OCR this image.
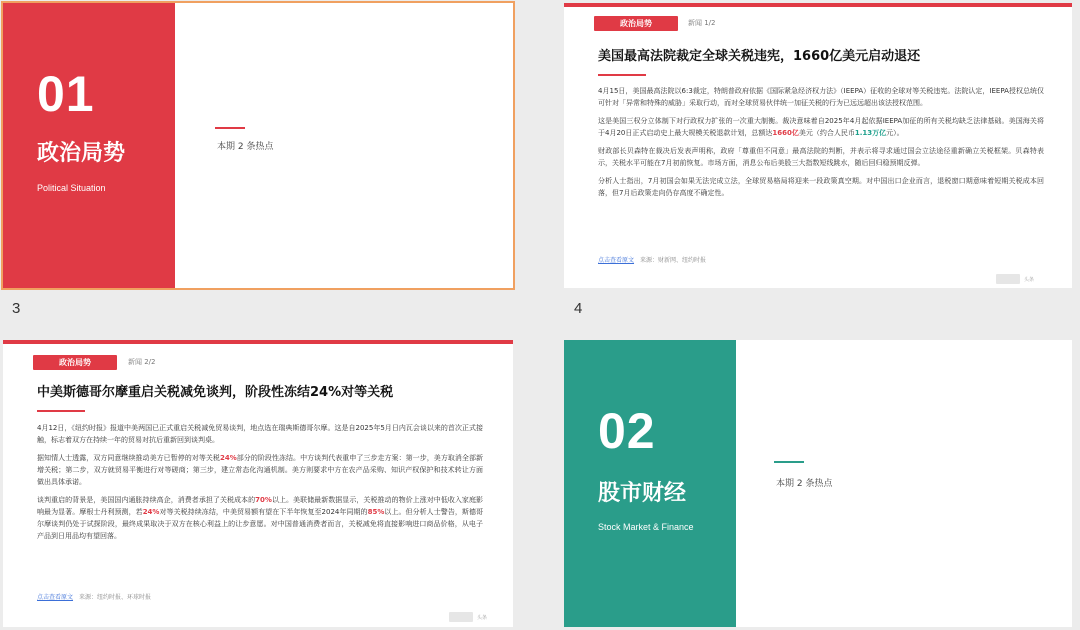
01
政治局势
Political Situation
本期 2 条热点
3
政治局势	新闻 1/2
美国最高法院裁定全球关税违宪，1660亿美元启动退还

4月15日，美国最高法院以6:3裁定，特朗普政府依据《国际紧急经济权力法》（IEEPA）征收的全球对等关税违宪。法院认定，IEEPA授权总统仅可针对「异常和特殊的威胁」采取行动，而对全球贸易伙伴统一加征关税的行为已远远超出该法授权范围。

这是美国三权分立体制下对行政权力扩张的一次重大制衡。裁决意味着自2025年4月起依据IEEPA加征的所有关税均缺乏法律基础。美国海关将于4月20日正式启动史上最大规模关税退款计划，总额达1660亿美元（约合人民币1.13万亿元）。

财政部长贝森特在裁决后发表声明称，政府「尊重但不同意」最高法院的判断，并表示将寻求通过国会立法途径重新确立关税框架。贝森特表示，关税水平可能在7月初前恢复。市场方面，消息公布后美股三大指数短线跳水，随后回归稳预期反弹。

分析人士指出，7月初国会如果无法完成立法，全球贸易格局将迎来一段政策真空期。对中国出口企业而言，退税窗口期意味着短期关税成本回落，但7月后政策走向仍存高度不确定性。

点击查看原文 来源：财新网、纽约时报
头条
4
政治局势	新闻 2/2
中美斯德哥尔摩重启关税减免谈判，阶段性冻结24%对等关税

4月12日，《纽约时报》报道中美两国已正式重启关税减免贸易谈判，地点选在瑞典斯德哥尔摩。这是自2025年5月日内瓦会谈以来的首次正式接触，标志着双方在持续一年的贸易对抗后重新回到谈判桌。

据知情人士透露，双方同意继续推动美方已暂停的对等关税24%部分的阶段性冻结。中方谈判代表重申了三步走方案：第一步，美方取消全部新增关税；第二步，双方就贸易平衡进行对等磋商；第三步，建立常态化沟通机制。美方则要求中方在农产品采购、知识产权保护和技术转让方面做出具体承诺。

谈判重启的背景是，美国国内通胀持续高企，消费者承担了关税成本的70%以上。美联储最新数据显示，关税推动的物价上涨对中低收入家庭影响最为显著。摩根士丹利预测，若24%对等关税持续冻结，中美贸易额有望在下半年恢复至2024年同期的85%以上。但分析人士警告，斯德哥尔摩谈判仍处于试探阶段，最终成果取决于双方在核心利益上的让步意愿。对中国普通消费者而言，关税减免将直接影响进口商品价格，从电子产品到日用品均有望回落。

点击查看原文 来源：纽约时报、环球时报
头条
02
股市财经
Stock Market & Finance
本期 2 条热点
